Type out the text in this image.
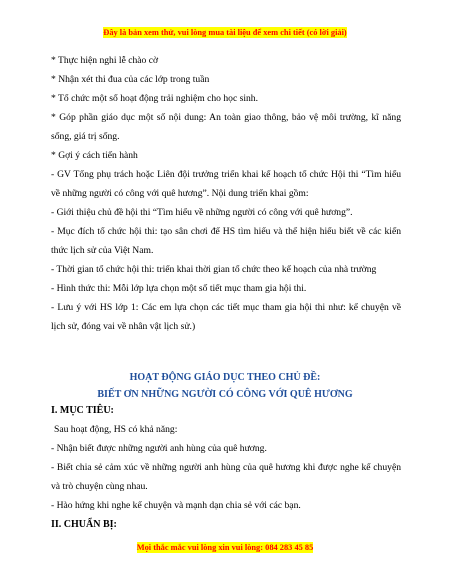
Đây là bản xem thử, vui lòng mua tài liệu để xem chi tiết (có lời giải)

* Thực hiện nghi lễ chào cờ

* Nhận xét thi đua của các lớp trong tuần

* Tổ chức một số hoạt động trải nghiệm cho học sinh.

* Góp phần giáo dục một số nội dung: An toàn giao thông, bảo vệ môi trường, kĩ năng sống, giá trị sống.

* Gợi ý cách tiến hành

- GV Tổng phụ trách hoặc Liên đội trưởng triển khai kế hoạch tổ chức Hội thi “Tìm hiểu về những người có công với quê hương”. Nội dung triển khai gồm:

- Giới thiệu chủ đề hội thi “Tìm hiểu về những người có công với quê hương”.

- Mục đích tổ chức hội thi: tạo sân chơi để HS tìm hiểu và thể hiện hiểu biết về các kiến thức lịch sử của Việt Nam.

- Thời gian tổ chức hội thi: triển khai thời gian tổ chức theo kế hoạch của nhà trường

- Hình thức thi: Mỗi lớp lựa chọn một số tiết mục tham gia hội thi.

- Lưu ý với HS lớp 1: Các em lựa chọn các tiết mục tham gia hội thi như: kể chuyện về lịch sử, đóng vai về nhân vật lịch sử.)

HOẠT ĐỘNG GIÁO DỤC THEO CHỦ ĐỀ:
BIẾT ƠN NHỮNG NGƯỜI CÓ CÔNG VỚI QUÊ HƯƠNG

I. MỤC TIÊU:

Sau hoạt động, HS có khả năng:

- Nhận biết được những người anh hùng của quê hương.

- Biết chia sẻ cảm xúc về những người anh hùng của quê hương khi được nghe kể chuyện và trò chuyện cùng nhau.

- Hào hứng khi nghe kể chuyện và mạnh dạn chia sẻ với các bạn.

II. CHUẨN BỊ:

Mọi thắc mắc vui lòng xin vui lòng: 084 283 45 85
